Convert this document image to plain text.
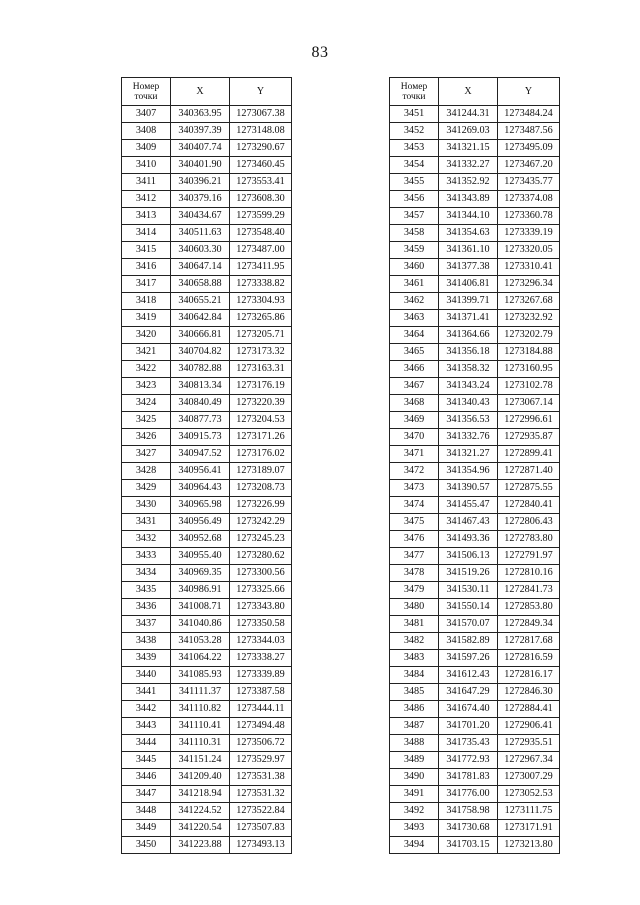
83
Номер
точки	X	Y
3407	340363.95	1273067.38
3408	340397.39	1273148.08
3409	340407.74	1273290.67
3410	340401.90	1273460.45
3411	340396.21	1273553.41
3412	340379.16	1273608.30
3413	340434.67	1273599.29
3414	340511.63	1273548.40
3415	340603.30	1273487.00
3416	340647.14	1273411.95
3417	340658.88	1273338.82
3418	340655.21	1273304.93
3419	340642.84	1273265.86
3420	340666.81	1273205.71
3421	340704.82	1273173.32
3422	340782.88	1273163.31
3423	340813.34	1273176.19
3424	340840.49	1273220.39
3425	340877.73	1273204.53
3426	340915.73	1273171.26
3427	340947.52	1273176.02
3428	340956.41	1273189.07
3429	340964.43	1273208.73
3430	340965.98	1273226.99
3431	340956.49	1273242.29
3432	340952.68	1273245.23
3433	340955.40	1273280.62
3434	340969.35	1273300.56
3435	340986.91	1273325.66
3436	341008.71	1273343.80
3437	341040.86	1273350.58
3438	341053.28	1273344.03
3439	341064.22	1273338.27
3440	341085.93	1273339.89
3441	341111.37	1273387.58
3442	341110.82	1273444.11
3443	341110.41	1273494.48
3444	341110.31	1273506.72
3445	341151.24	1273529.97
3446	341209.40	1273531.38
3447	341218.94	1273531.32
3448	341224.52	1273522.84
3449	341220.54	1273507.83
3450	341223.88	1273493.13
Номер
точки	X	Y
3451	341244.31	1273484.24
3452	341269.03	1273487.56
3453	341321.15	1273495.09
3454	341332.27	1273467.20
3455	341352.92	1273435.77
3456	341343.89	1273374.08
3457	341344.10	1273360.78
3458	341354.63	1273339.19
3459	341361.10	1273320.05
3460	341377.38	1273310.41
3461	341406.81	1273296.34
3462	341399.71	1273267.68
3463	341371.41	1273232.92
3464	341364.66	1273202.79
3465	341356.18	1273184.88
3466	341358.32	1273160.95
3467	341343.24	1273102.78
3468	341340.43	1273067.14
3469	341356.53	1272996.61
3470	341332.76	1272935.87
3471	341321.27	1272899.41
3472	341354.96	1272871.40
3473	341390.57	1272875.55
3474	341455.47	1272840.41
3475	341467.43	1272806.43
3476	341493.36	1272783.80
3477	341506.13	1272791.97
3478	341519.26	1272810.16
3479	341530.11	1272841.73
3480	341550.14	1272853.80
3481	341570.07	1272849.34
3482	341582.89	1272817.68
3483	341597.26	1272816.59
3484	341612.43	1272816.17
3485	341647.29	1272846.30
3486	341674.40	1272884.41
3487	341701.20	1272906.41
3488	341735.43	1272935.51
3489	341772.93	1272967.34
3490	341781.83	1273007.29
3491	341776.00	1273052.53
3492	341758.98	1273111.75
3493	341730.68	1273171.91
3494	341703.15	1273213.80
